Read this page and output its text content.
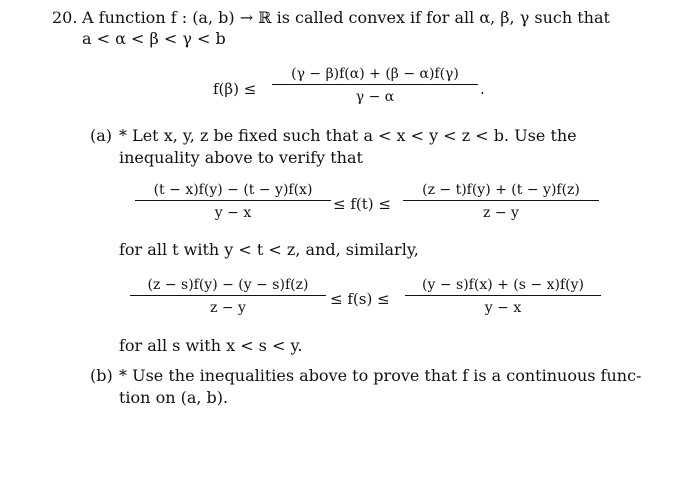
20. A function f : (a, b) → ℝ is called convex if for all α, β, γ such that
a < α < β < γ < b
$f(\beta) \le \frac{(\gamma - \beta)f(\alpha) + (\beta - \alpha)f(\gamma)}{\gamma - \alpha}$ .
(a) * Let x, y, z be fixed such that a < x < y < z < b. Use the
inequality above to verify that
$\frac{(t - x)f(y) - (t - y)f(x)}{y - x} \le f(t) \le \frac{(z - t)f(y) + (t - y)f(z)}{z - y}$
for all t with y < t < z, and, similarly,
$\frac{(z - s)f(y) - (y - s)f(z)}{z - y} \le f(s) \le \frac{(y - s)f(x) + (s - x)f(y)}{y - x}$
for all s with x < s < y.
(b) * Use the inequalities above to prove that f is a continuous func-
tion on (a, b).
